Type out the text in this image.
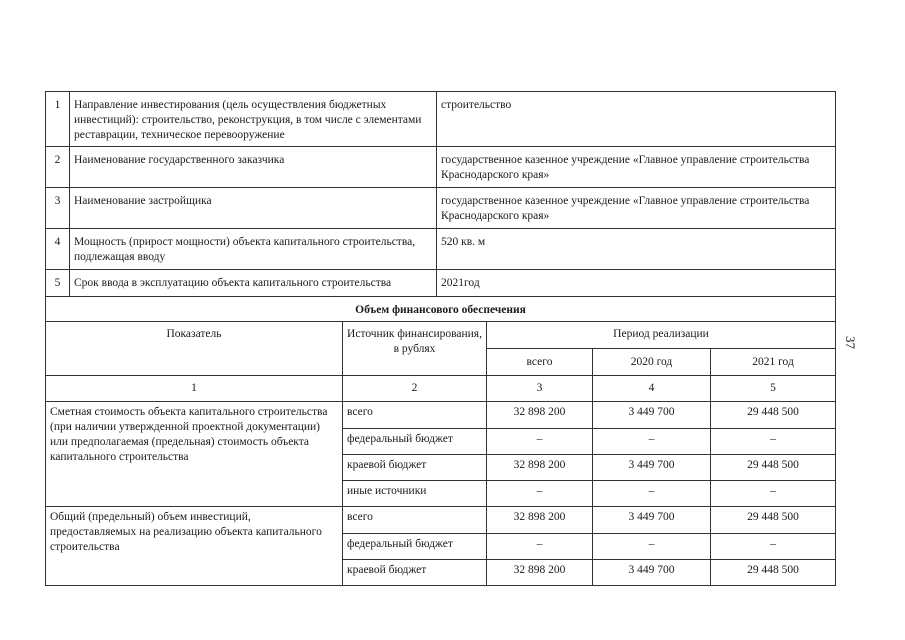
1	Направление инвестирования (цель осуществления бюджетных инвестиций): строительство, реконструкция, в том числе с элементами реставрации, техническое перевооружение	строительство
2	Наименование государственного заказчика	государственное казенное учреждение «Главное управление строительства Краснодарского края»
3	Наименование застройщика	государственное казенное учреждение «Главное управление строительства Краснодарского края»
4	Мощность (прирост мощности) объекта капитального строительства, подлежащая вводу	520 кв. м
5	Срок ввода в эксплуатацию объекта капитального строительства	2021год
Объем финансового обеспечения				
Показатель	Источник финансирования, в рублях	Период реализации		
		всего	2020 год	2021 год
1	2	3	4	5
Сметная стоимость объекта капитального строительства (при наличии утвержденной проектной документации) или предполагаемая (предельная) стоимость объекта капитального строительства	всего	32 898 200	3 449 700	29 448 500
	федеральный бюджет	–	–	–
	краевой бюджет	32 898 200	3 449 700	29 448 500
	иные источники	–	–	–
Общий (предельный) объем инвестиций, предоставляемых на реализацию объекта капитального строительства	всего	32 898 200	3 449 700	29 448 500
	федеральный бюджет	–	–	–
	краевой бюджет	32 898 200	3 449 700	29 448 500
37
